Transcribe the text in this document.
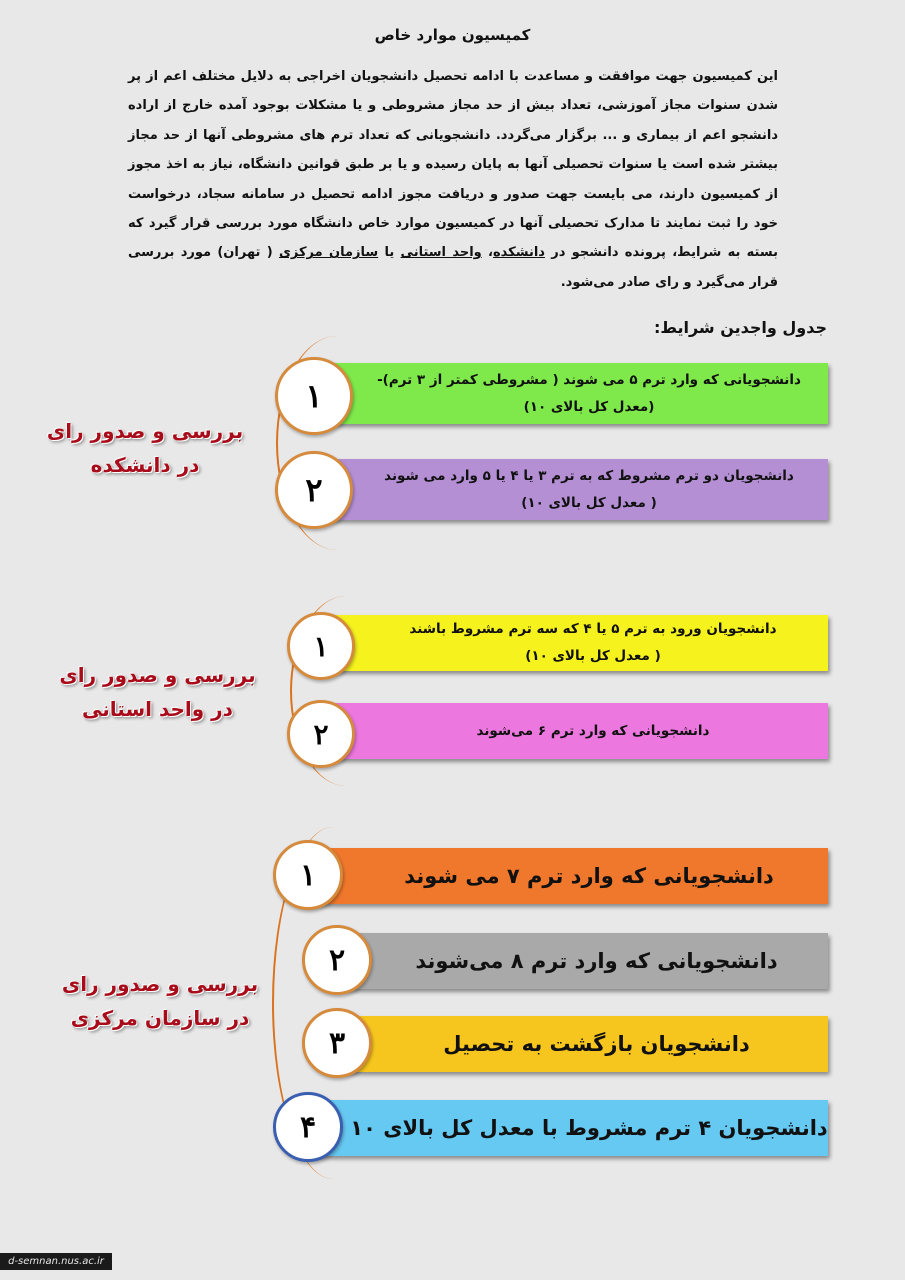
کمیسیون موارد خاص
این کمیسیون جهت موافقت و مساعدت با ادامه تحصیل دانشجویان اخراجی به دلایل مختلف اعم از پر شدن سنوات مجاز آموزشی، تعداد بیش از حد مجاز مشروطی و یا مشکلات بوجود آمده خارج از اراده دانشجو اعم از بیماری و ... برگزار می‌گردد. دانشجویانی که تعداد ترم های مشروطی آنها از حد مجاز بیشتر شده است یا سنوات تحصیلی آنها به پایان رسیده و یا بر طبق قوانین دانشگاه، نیاز به اخذ مجوز از کمیسیون دارند، می بایست جهت صدور و دریافت مجوز ادامه تحصیل در سامانه سجاد، درخواست خود را ثبت نمایند تا مدارک تحصیلی آنها در کمیسیون موارد خاص دانشگاه مورد بررسی قرار گیرد که بسته به شرایط، پرونده دانشجو در دانشکده، واحد استانی یا سازمان مرکزی ( تهران) مورد بررسی قرار می‌گیرد و رای صادر می‌شود.
جدول واجدین شرایط:
بررسی و صدور رای
در دانشکده
دانشجویانی که وارد ترم ۵ می شوند ( مشروطی کمتر از ۳ ترم)-
(معدل کل بالای ۱۰)
۱
دانشجویان دو ترم مشروط که به ترم ۳ یا ۴ یا ۵ وارد می شوند
( معدل کل بالای ۱۰)
۲
بررسی و صدور رای
در واحد استانی
دانشجویان ورود به ترم ۵ یا ۴ که سه ترم مشروط باشند
( معدل کل بالای ۱۰)
۱
دانشجویانی که وارد ترم ۶ می‌شوند
۲
بررسی و صدور رای
در سازمان مرکزی
دانشجویانی که وارد ترم ۷ می شوند
۱
دانشجویانی که وارد ترم ۸ می‌شوند
۲
دانشجویان بازگشت به تحصیل
۳
دانشجویان ۴ ترم مشروط با معدل کل بالای ۱۰
۴
d-semnan.nus.ac.ir
